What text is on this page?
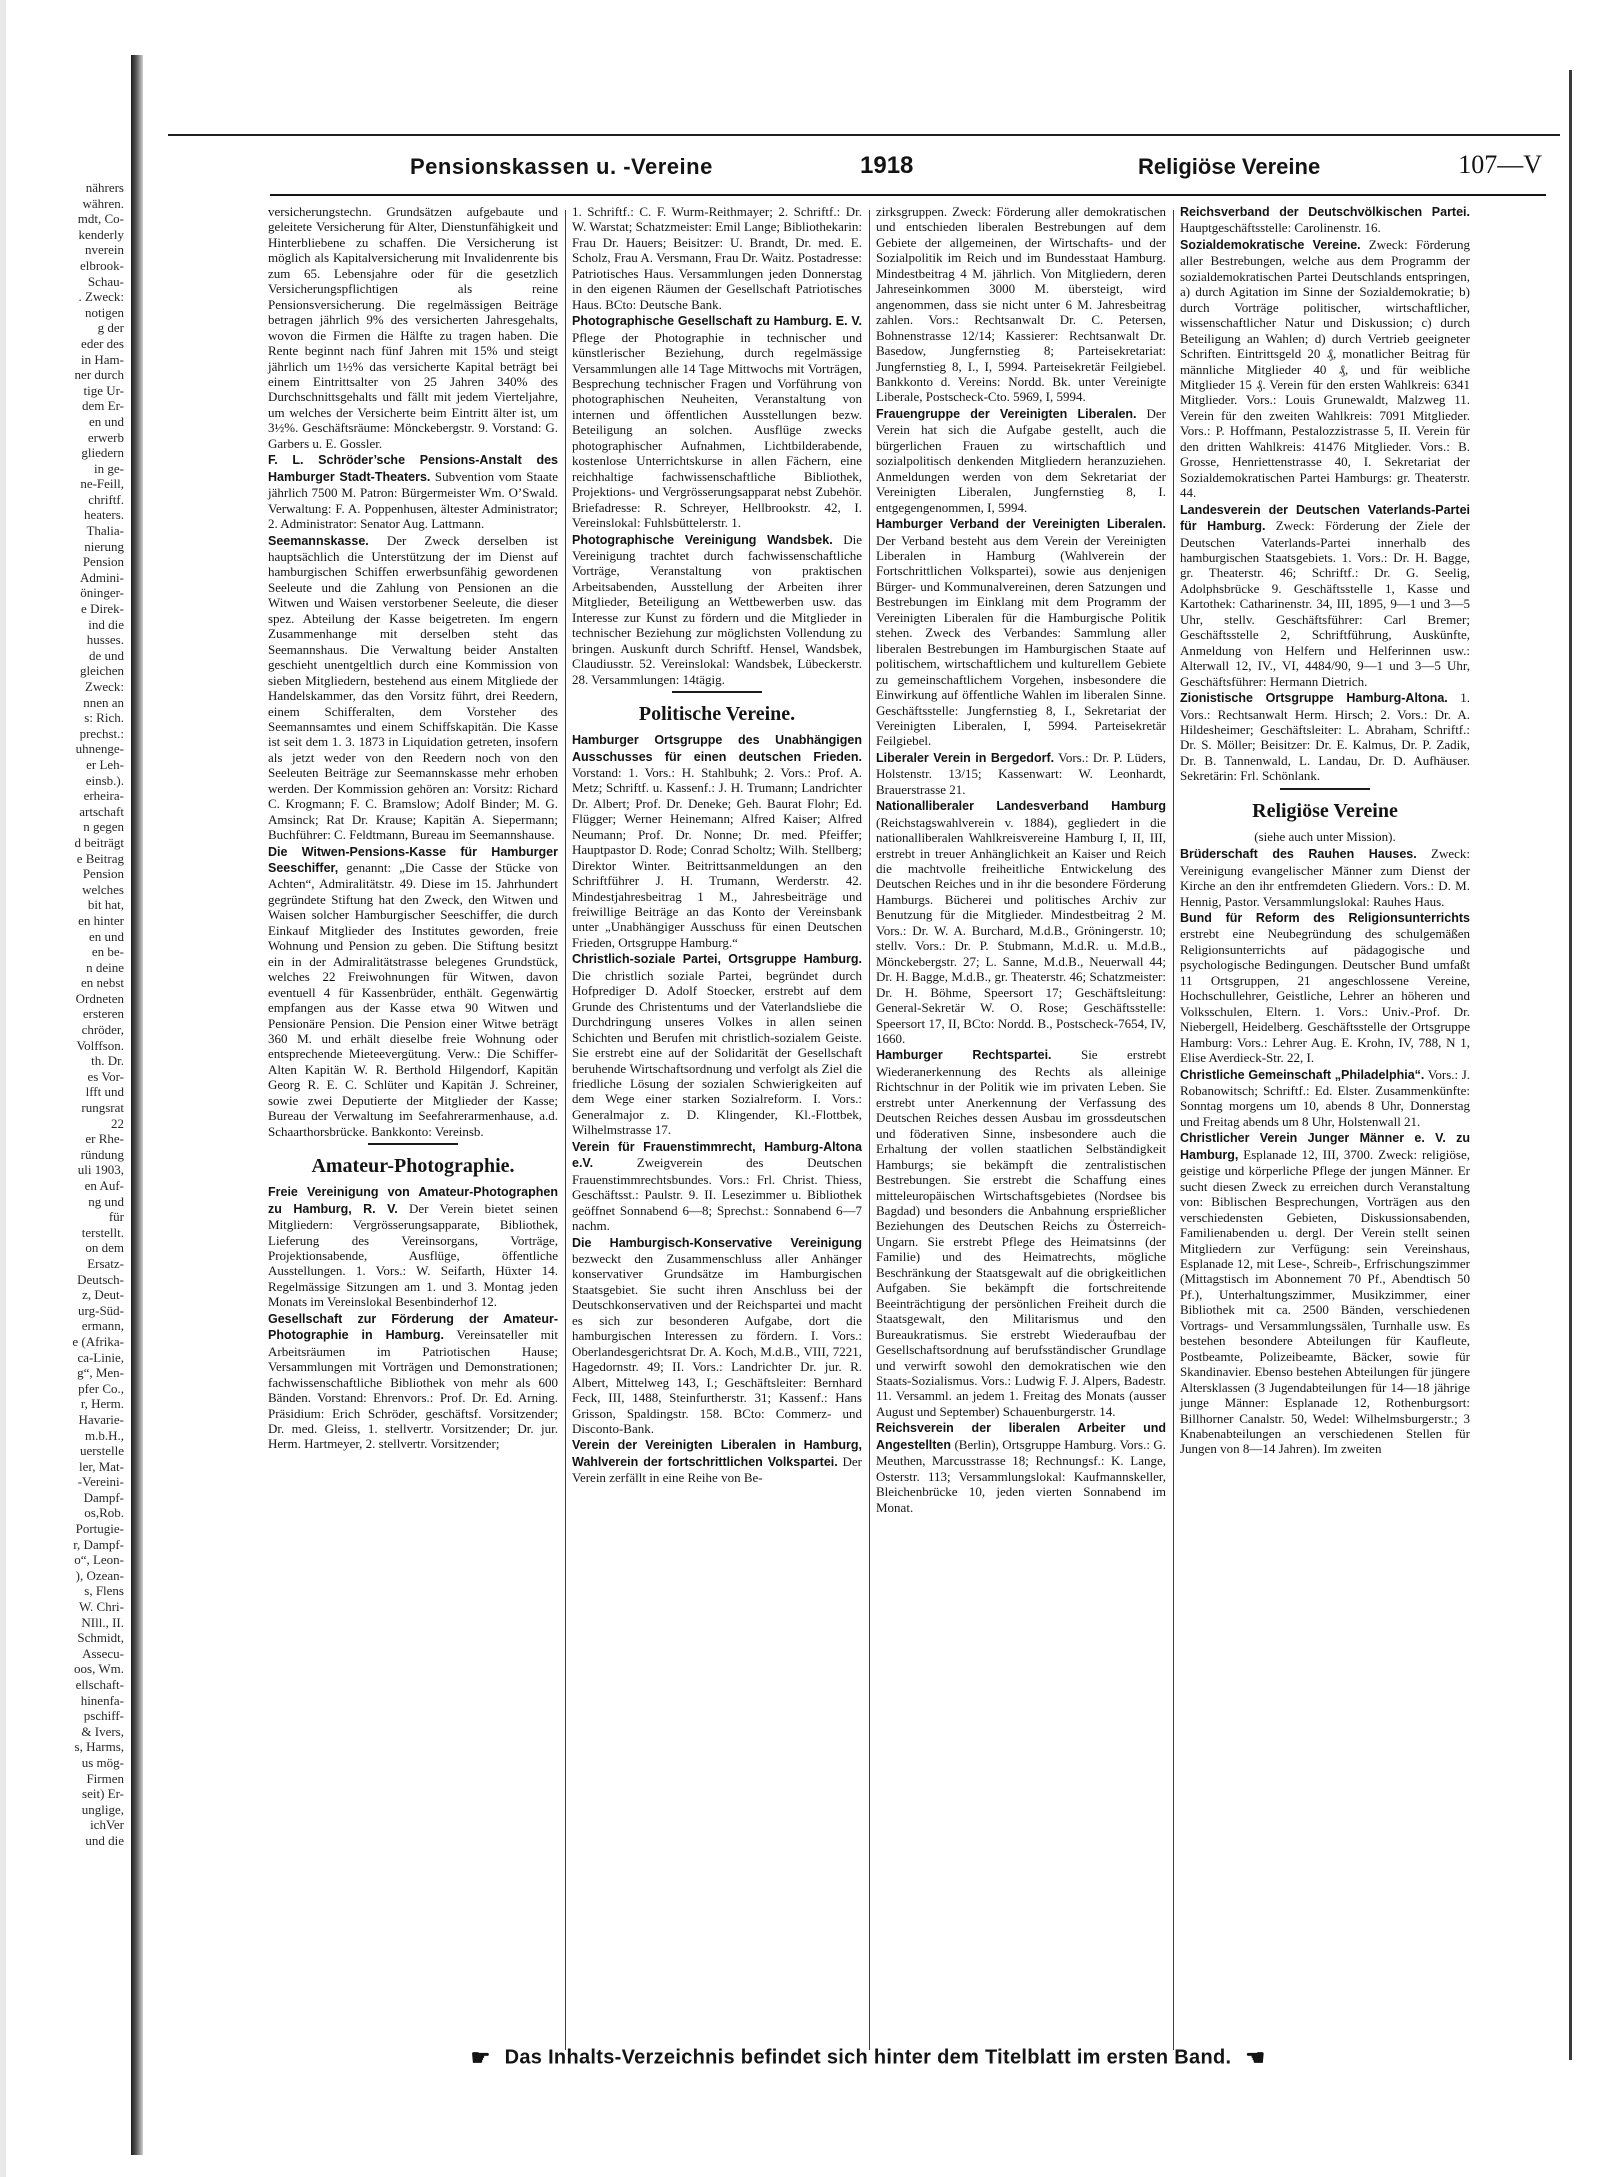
nährers
währen.
mdt, Co-
kenderly
nverein
elbrook-
Schau-
. Zweck:
notigen
g der
eder des
in Ham-
ner durch
tige Ur-
dem Er-
en und
erwerb
gliedern
in ge-
ne-Feill,
chriftf.
heaters.
Thalia-
nierung
Pension
Admini-
öninger-
e Direk-
ind die
husses.
de und
gleichen
Zweck:
nnen an
s: Rich.
prechst.:
uhnenge-
er Leh-
einsb.).
erheira-
artschaft
n gegen
d beiträgt
e Beitrag
Pension
welches
bit hat,
en hinter
en und
en be-
n deine
en nebst
Ordneten
ersteren
chröder,
Volffson.
th. Dr.
es Vor-
lfft und
rungsrat
22
er Rhe-
ründung
uli 1903,
en Auf-
ng und
für
terstellt.
on dem
Ersatz-
Deutsch-
z, Deut-
urg-Süd-
ermann,
e (Afrika-
ca-Linie,
g“, Men-
pfer Co.,
r, Herm.
Havarie-
m.b.H.,
uerstelle
ler, Mat-
-Vereini-
Dampf-
os,Rob.
Portugie-
r, Dampf-
o“, Leon-
), Ozean-
s, Flens
W. Chri-
NIll., II.
Schmidt,
Assecu-
oos, Wm.
ellschaft-
hinenfa-
pschiff-
& Ivers,
s, Harms,
us mög-
Firmen
seit) Er-
unglige,
ichVer
und die
Pensionskassen u. -Vereine	1918	Religiöse Vereine	107—V

versicherungstechn. Grundsätzen aufgebaute und geleitete Versicherung für Alter, Dienstunfähigkeit und Hinterbliebene zu schaffen. Die Versicherung ist möglich als Kapitalversicherung mit Invalidenrente bis zum 65. Lebensjahre oder für die gesetzlich Versicherungspflichtigen als reine Pensionsversicherung. Die regelmässigen Beiträge betragen jährlich 9% des versicherten Jahresgehalts, wovon die Firmen die Hälfte zu tragen haben. Die Rente beginnt nach fünf Jahren mit 15% und steigt jährlich um 1½% das versicherte Kapital beträgt bei einem Eintrittsalter von 25 Jahren 340% des Durchschnittsgehalts und fällt mit jedem Vierteljahre, um welches der Versicherte beim Eintritt älter ist, um 3½%. Geschäftsräume: Mönckebergstr. 9. Vorstand: G. Garbers u. E. Gossler.

F. L. Schröder’sche Pensions-Anstalt des Hamburger Stadt-Theaters. Subvention vom Staate jährlich 7500 M. Patron: Bürgermeister Wm. O’Swald. Verwaltung: F. A. Poppenhusen, ältester Administrator; 2. Administrator: Senator Aug. Lattmann.

Seemannskasse. Der Zweck derselben ist hauptsächlich die Unterstützung der im Dienst auf hamburgischen Schiffen erwerbsunfähig gewordenen Seeleute und die Zahlung von Pensionen an die Witwen und Waisen verstorbener Seeleute, die dieser spez. Abteilung der Kasse beigetreten. Im engern Zusammenhange mit derselben steht das Seemannshaus. Die Verwaltung beider Anstalten geschieht unentgeltlich durch eine Kommission von sieben Mitgliedern, bestehend aus einem Mitgliede der Handelskammer, das den Vorsitz führt, drei Reedern, einem Schifferalten, dem Vorsteher des Seemannsamtes und einem Schiffskapitän. Die Kasse ist seit dem 1. 3. 1873 in Liquidation getreten, insofern als jetzt weder von den Reedern noch von den Seeleuten Beiträge zur Seemannskasse mehr erhoben werden. Der Kommission gehören an: Vorsitz: Richard C. Krogmann; F. C. Bramslow; Adolf Binder; M. G. Amsinck; Rat Dr. Krause; Kapitän A. Siepermann; Buchführer: C. Feldtmann, Bureau im Seemannshause.

Die Witwen-Pensions-Kasse für Hamburger Seeschiffer, genannt: „Die Casse der Stücke von Achten“, Admiralitätstr. 49. Diese im 15. Jahrhundert gegründete Stiftung hat den Zweck, den Witwen und Waisen solcher Hamburgischer Seeschiffer, die durch Einkauf Mitglieder des Institutes geworden, freie Wohnung und Pension zu geben. Die Stiftung besitzt ein in der Admiralitätstrasse belegenes Grundstück, welches 22 Freiwohnungen für Witwen, davon eventuell 4 für Kassenbrüder, enthält. Gegenwärtig empfangen aus der Kasse etwa 90 Witwen und Pensionäre Pension. Die Pension einer Witwe beträgt 360 M. und erhält dieselbe freie Wohnung oder entsprechende Mieteevergütung. Verw.: Die Schiffer-Alten Kapitän W. R. Berthold Hilgendorf, Kapitän Georg R. E. C. Schlüter und Kapitän J. Schreiner, sowie zwei Deputierte der Mitglieder der Kasse; Bureau der Verwaltung im Seefahrerarmenhause, a.d. Schaarthorsbrücke. Bankkonto: Vereinsb.

Amateur-Photographie.

Freie Vereinigung von Amateur-Photographen zu Hamburg, R. V. Der Verein bietet seinen Mitgliedern: Vergrösserungsapparate, Bibliothek, Lieferung des Vereinsorgans, Vorträge, Projektionsabende, Ausflüge, öffentliche Ausstellungen. 1. Vors.: W. Seifarth, Hüxter 14. Regelmässige Sitzungen am 1. und 3. Montag jeden Monats im Vereinslokal Besenbinderhof 12.

Gesellschaft zur Förderung der Amateur-Photographie in Hamburg. Vereinsateller mit Arbeitsräumen im Patriotischen Hause; Versammlungen mit Vorträgen und Demonstrationen; fachwissenschaftliche Bibliothek von mehr als 600 Bänden. Vorstand: Ehrenvors.: Prof. Dr. Ed. Arning. Präsidium: Erich Schröder, geschäftsf. Vorsitzender; Dr. med. Gleiss, 1. stellvertr. Vorsitzender; Dr. jur. Herm. Hartmeyer, 2. stellvertr. Vorsitzender;

1. Schriftf.: C. F. Wurm-Reithmayer; 2. Schriftf.: Dr. W. Warstat; Schatzmeister: Emil Lange; Bibliothekarin: Frau Dr. Hauers; Beisitzer: U. Brandt, Dr. med. E. Scholz, Frau A. Versmann, Frau Dr. Waitz. Postadresse: Patriotisches Haus. Versammlungen jeden Donnerstag in den eigenen Räumen der Gesellschaft Patriotisches Haus. BCto: Deutsche Bank.

Photographische Gesellschaft zu Hamburg. E. V. Pflege der Photographie in technischer und künstlerischer Beziehung, durch regelmässige Versammlungen alle 14 Tage Mittwochs mit Vorträgen, Besprechung technischer Fragen und Vorführung von photographischen Neuheiten, Veranstaltung von internen und öffentlichen Ausstellungen bezw. Beteiligung an solchen. Ausflüge zwecks photographischer Aufnahmen, Lichtbilderabende, kostenlose Unterrichtskurse in allen Fächern, eine reichhaltige fachwissenschaftliche Bibliothek, Projektions- und Vergrösserungsapparat nebst Zubehör. Briefadresse: R. Schreyer, Hellbrookstr. 42, I. Vereinslokal: Fuhlsbüttelerstr. 1.

Photographische Vereinigung Wandsbek. Die Vereinigung trachtet durch fachwissenschaftliche Vorträge, Veranstaltung von praktischen Arbeitsabenden, Ausstellung der Arbeiten ihrer Mitglieder, Beteiligung an Wettbewerben usw. das Interesse zur Kunst zu fördern und die Mitglieder in technischer Beziehung zur möglichsten Vollendung zu bringen. Auskunft durch Schriftf. Hensel, Wandsbek, Claudiusstr. 52. Vereinslokal: Wandsbek, Lübeckerstr. 28. Versammlungen: 14tägig.

Politische Vereine.

Hamburger Ortsgruppe des Unabhängigen Ausschusses für einen deutschen Frieden. Vorstand: 1. Vors.: H. Stahlbuhk; 2. Vors.: Prof. A. Metz; Schriftf. u. Kassenf.: J. H. Trumann; Landrichter Dr. Albert; Prof. Dr. Deneke; Geh. Baurat Flohr; Ed. Flügger; Werner Heinemann; Alfred Kaiser; Alfred Neumann; Prof. Dr. Nonne; Dr. med. Pfeiffer; Hauptpastor D. Rode; Conrad Scholtz; Wilh. Stellberg; Direktor Winter. Beitrittsanmeldungen an den Schriftführer J. H. Trumann, Werderstr. 42. Mindestjahresbeitrag 1 M., Jahresbeiträge und freiwillige Beiträge an das Konto der Vereinsbank unter „Unabhängiger Ausschuss für einen Deutschen Frieden, Ortsgruppe Hamburg.“

Christlich-soziale Partei, Ortsgruppe Hamburg. Die christlich soziale Partei, begründet durch Hofprediger D. Adolf Stoecker, erstrebt auf dem Grunde des Christentums und der Vaterlandsliebe die Durchdringung unseres Volkes in allen seinen Schichten und Berufen mit christlich-sozialem Geiste. Sie erstrebt eine auf der Solidarität der Gesellschaft beruhende Wirtschaftsordnung und verfolgt als Ziel die friedliche Lösung der sozialen Schwierigkeiten auf dem Wege einer starken Sozialreform. I. Vors.: Generalmajor z. D. Klingender, Kl.-Flottbek, Wilhelmstrasse 17.

Verein für Frauenstimmrecht, Hamburg-Altona e.V. Zweigverein des Deutschen Frauenstimmrechtsbundes. Vors.: Frl. Christ. Thiess, Geschäftsst.: Paulstr. 9. II. Lesezimmer u. Bibliothek geöffnet Sonnabend 6—8; Sprechst.: Sonnabend 6—7 nachm.

Die Hamburgisch-Konservative Vereinigung bezweckt den Zusammenschluss aller Anhänger konservativer Grundsätze im Hamburgischen Staatsgebiet. Sie sucht ihren Anschluss bei der Deutschkonservativen und der Reichspartei und macht es sich zur besonderen Aufgabe, dort die hamburgischen Interessen zu fördern. I. Vors.: Oberlandesgerichtsrat Dr. A. Koch, M.d.B., VIII, 7221, Hagedornstr. 49; II. Vors.: Landrichter Dr. jur. R. Albert, Mittelweg 143, I.; Geschäftsleiter: Bernhard Feck, III, 1488, Steinfurtherstr. 31; Kassenf.: Hans Grisson, Spaldingstr. 158. BCto: Commerz- und Disconto-Bank.

Verein der Vereinigten Liberalen in Hamburg, Wahlverein der fortschrittlichen Volkspartei. Der Verein zerfällt in eine Reihe von Be-

zirksgruppen. Zweck: Förderung aller demokratischen und entschieden liberalen Bestrebungen auf dem Gebiete der allgemeinen, der Wirtschafts- und der Sozialpolitik im Reich und im Bundesstaat Hamburg. Mindestbeitrag 4 M. jährlich. Von Mitgliedern, deren Jahreseinkommen 3000 M. übersteigt, wird angenommen, dass sie nicht unter 6 M. Jahresbeitrag zahlen. Vors.: Rechtsanwalt Dr. C. Petersen, Bohnenstrasse 12/14; Kassierer: Rechtsanwalt Dr. Basedow, Jungfernstieg 8; Parteisekretariat: Jungfernstieg 8, I., I, 5994. Parteisekretär Feilgiebel. Bankkonto d. Vereins: Nordd. Bk. unter Vereinigte Liberale, Postscheck-Cto. 5969, I, 5994.

Frauengruppe der Vereinigten Liberalen. Der Verein hat sich die Aufgabe gestellt, auch die bürgerlichen Frauen zu wirtschaftlich und sozialpolitisch denkenden Mitgliedern heranzuziehen. Anmeldungen werden von dem Sekretariat der Vereinigten Liberalen, Jungfernstieg 8, I. entgegengenommen, I, 5994.

Hamburger Verband der Vereinigten Liberalen. Der Verband besteht aus dem Verein der Vereinigten Liberalen in Hamburg (Wahlverein der Fortschrittlichen Volkspartei), sowie aus denjenigen Bürger- und Kommunalvereinen, deren Satzungen und Bestrebungen im Einklang mit dem Programm der Vereinigten Liberalen für die Hamburgische Politik stehen. Zweck des Verbandes: Sammlung aller liberalen Bestrebungen im Hamburgischen Staate auf politischem, wirtschaftlichem und kulturellem Gebiete zu gemeinschaftlichem Vorgehen, insbesondere die Einwirkung auf öffentliche Wahlen im liberalen Sinne. Geschäftsstelle: Jungfernstieg 8, I., Sekretariat der Vereinigten Liberalen, I, 5994. Parteisekretär Feilgiebel.

Liberaler Verein in Bergedorf. Vors.: Dr. P. Lüders, Holstenstr. 13/15; Kassenwart: W. Leonhardt, Brauerstrasse 21.

Nationalliberaler Landesverband Hamburg (Reichstagswahlverein v. 1884), gegliedert in die nationalliberalen Wahlkreisvereine Hamburg I, II, III, erstrebt in treuer Anhänglichkeit an Kaiser und Reich die machtvolle freiheitliche Entwickelung des Deutschen Reiches und in ihr die besondere Förderung Hamburgs. Bücherei und politisches Archiv zur Benutzung für die Mitglieder. Mindestbeitrag 2 M. Vors.: Dr. W. A. Burchard, M.d.B., Gröningerstr. 10; stellv. Vors.: Dr. P. Stubmann, M.d.R. u. M.d.B., Mönckebergstr. 27; L. Sanne, M.d.B., Neuerwall 44; Dr. H. Bagge, M.d.B., gr. Theaterstr. 46; Schatzmeister: Dr. H. Böhme, Speersort 17; Geschäftsleitung: General-Sekretär W. O. Rose; Geschäftsstelle: Speersort 17, II, BCto: Nordd. B., Postscheck-7654, IV, 1660.

Hamburger Rechtspartei. Sie erstrebt Wiederanerkennung des Rechts als alleinige Richtschnur in der Politik wie im privaten Leben. Sie erstrebt unter Anerkennung der Verfassung des Deutschen Reiches dessen Ausbau im grossdeutschen und föderativen Sinne, insbesondere auch die Erhaltung der vollen staatlichen Selbständigkeit Hamburgs; sie bekämpft die zentralistischen Bestrebungen. Sie erstrebt die Schaffung eines mitteleuropäischen Wirtschaftsgebietes (Nordsee bis Bagdad) und besonders die Anbahnung ersprießlicher Beziehungen des Deutschen Reichs zu Österreich-Ungarn. Sie erstrebt Pflege des Heimatsinns (der Familie) und des Heimatrechts, mögliche Beschränkung der Staatsgewalt auf die obrigkeitlichen Aufgaben. Sie bekämpft die fortschreitende Beeinträchtigung der persönlichen Freiheit durch die Staatsgewalt, den Militarismus und den Bureaukratismus. Sie erstrebt Wiederaufbau der Gesellschaftsordnung auf berufsständischer Grundlage und verwirft sowohl den demokratischen wie den Staats-Sozialismus. Vors.: Ludwig F. J. Alpers, Badestr. 11. Versamml. an jedem 1. Freitag des Monats (ausser August und September) Schauenburgerstr. 14.

Reichsverein der liberalen Arbeiter und Angestellten (Berlin), Ortsgruppe Hamburg. Vors.: G. Meuthen, Marcusstrasse 18; Rechnungsf.: K. Lange, Osterstr. 113; Versammlungslokal: Kaufmannskeller, Bleichenbrücke 10, jeden vierten Sonnabend im Monat.

Reichsverband der Deutschvölkischen Partei. Hauptgeschäftsstelle: Carolinenstr. 16.

Sozialdemokratische Vereine. Zweck: Förderung aller Bestrebungen, welche aus dem Programm der sozialdemokratischen Partei Deutschlands entspringen, a) durch Agitation im Sinne der Sozialdemokratie; b) durch Vorträge politischer, wirtschaftlicher, wissenschaftlicher Natur und Diskussion; c) durch Beteiligung an Wahlen; d) durch Vertrieb geeigneter Schriften. Eintrittsgeld 20 ₰, monatlicher Beitrag für männliche Mitglieder 40 ₰, und für weibliche Mitglieder 15 ₰. Verein für den ersten Wahlkreis: 6341 Mitglieder. Vors.: Louis Grunewaldt, Malzweg 11. Verein für den zweiten Wahlkreis: 7091 Mitglieder. Vors.: P. Hoffmann, Pestalozzistrasse 5, II. Verein für den dritten Wahlkreis: 41476 Mitglieder. Vors.: B. Grosse, Henriettenstrasse 40, I. Sekretariat der Sozialdemokratischen Partei Hamburgs: gr. Theaterstr. 44.

Landesverein der Deutschen Vaterlands-Partei für Hamburg. Zweck: Förderung der Ziele der Deutschen Vaterlands-Partei innerhalb des hamburgischen Staatsgebiets. 1. Vors.: Dr. H. Bagge, gr. Theaterstr. 46; Schriftf.: Dr. G. Seelig, Adolphsbrücke 9. Geschäftsstelle 1, Kasse und Kartothek: Catharinenstr. 34, III, 1895, 9—1 und 3—5 Uhr, stellv. Geschäftsführer: Carl Bremer; Geschäftsstelle 2, Schriftführung, Auskünfte, Anmeldung von Helfern und Helferinnen usw.: Alterwall 12, IV., VI, 4484/90, 9—1 und 3—5 Uhr, Geschäftsführer: Hermann Dietrich.

Zionistische Ortsgruppe Hamburg-Altona. 1. Vors.: Rechtsanwalt Herm. Hirsch; 2. Vors.: Dr. A. Hildesheimer; Geschäftsleiter: L. Abraham, Schriftf.: Dr. S. Möller; Beisitzer: Dr. E. Kalmus, Dr. P. Zadik, Dr. B. Tannenwald, L. Landau, Dr. D. Aufhäuser. Sekretärin: Frl. Schönlank.

Religiöse Vereine
(siehe auch unter Mission).

Brüderschaft des Rauhen Hauses. Zweck: Vereinigung evangelischer Männer zum Dienst der Kirche an den ihr entfremdeten Gliedern. Vors.: D. M. Hennig, Pastor. Versammlungslokal: Rauhes Haus.

Bund für Reform des Religionsunterrichts erstrebt eine Neubegründung des schulgemäßen Religionsunterrichts auf pädagogische und psychologische Bedingungen. Deutscher Bund umfaßt 11 Ortsgruppen, 21 angeschlossene Vereine, Hochschullehrer, Geistliche, Lehrer an höheren und Volksschulen, Eltern. 1. Vors.: Univ.-Prof. Dr. Niebergell, Heidelberg. Geschäftsstelle der Ortsgruppe Hamburg: Vors.: Lehrer Aug. E. Krohn, IV, 788, N 1, Elise Averdieck-Str. 22, I.

Christliche Gemeinschaft „Philadelphia“. Vors.: J. Robanowitsch; Schriftf.: Ed. Elster. Zusammenkünfte: Sonntag morgens um 10, abends 8 Uhr, Donnerstag und Freitag abends um 8 Uhr, Holstenwall 21.

Christlicher Verein Junger Männer e. V. zu Hamburg, Esplanade 12, III, 3700. Zweck: religiöse, geistige und körperliche Pflege der jungen Männer. Er sucht diesen Zweck zu erreichen durch Veranstaltung von: Biblischen Besprechungen, Vorträgen aus den verschiedensten Gebieten, Diskussionsabenden, Familienabenden u. dergl. Der Verein stellt seinen Mitgliedern zur Verfügung: sein Vereinshaus, Esplanade 12, mit Lese-, Schreib-, Erfrischungszimmer (Mittagstisch im Abonnement 70 Pf., Abendtisch 50 Pf.), Unterhaltungszimmer, Musikzimmer, einer Bibliothek mit ca. 2500 Bänden, verschiedenen Vortrags- und Versammlungssälen, Turnhalle usw. Es bestehen besondere Abteilungen für Kaufleute, Postbeamte, Polizeibeamte, Bäcker, sowie für Skandinavier. Ebenso bestehen Abteilungen für jüngere Altersklassen (3 Jugendabteilungen für 14—18 jährige junge Männer: Esplanade 12, Rothenburgsort: Billhorner Canalstr. 50, Wedel: Wilhelmsburgerstr.; 3 Knabenabteilungen an verschiedenen Stellen für Jungen von 8—14 Jahren). Im zweiten

☛ Das Inhalts-Verzeichnis befindet sich hinter dem Titelblatt im ersten Band. ☚
